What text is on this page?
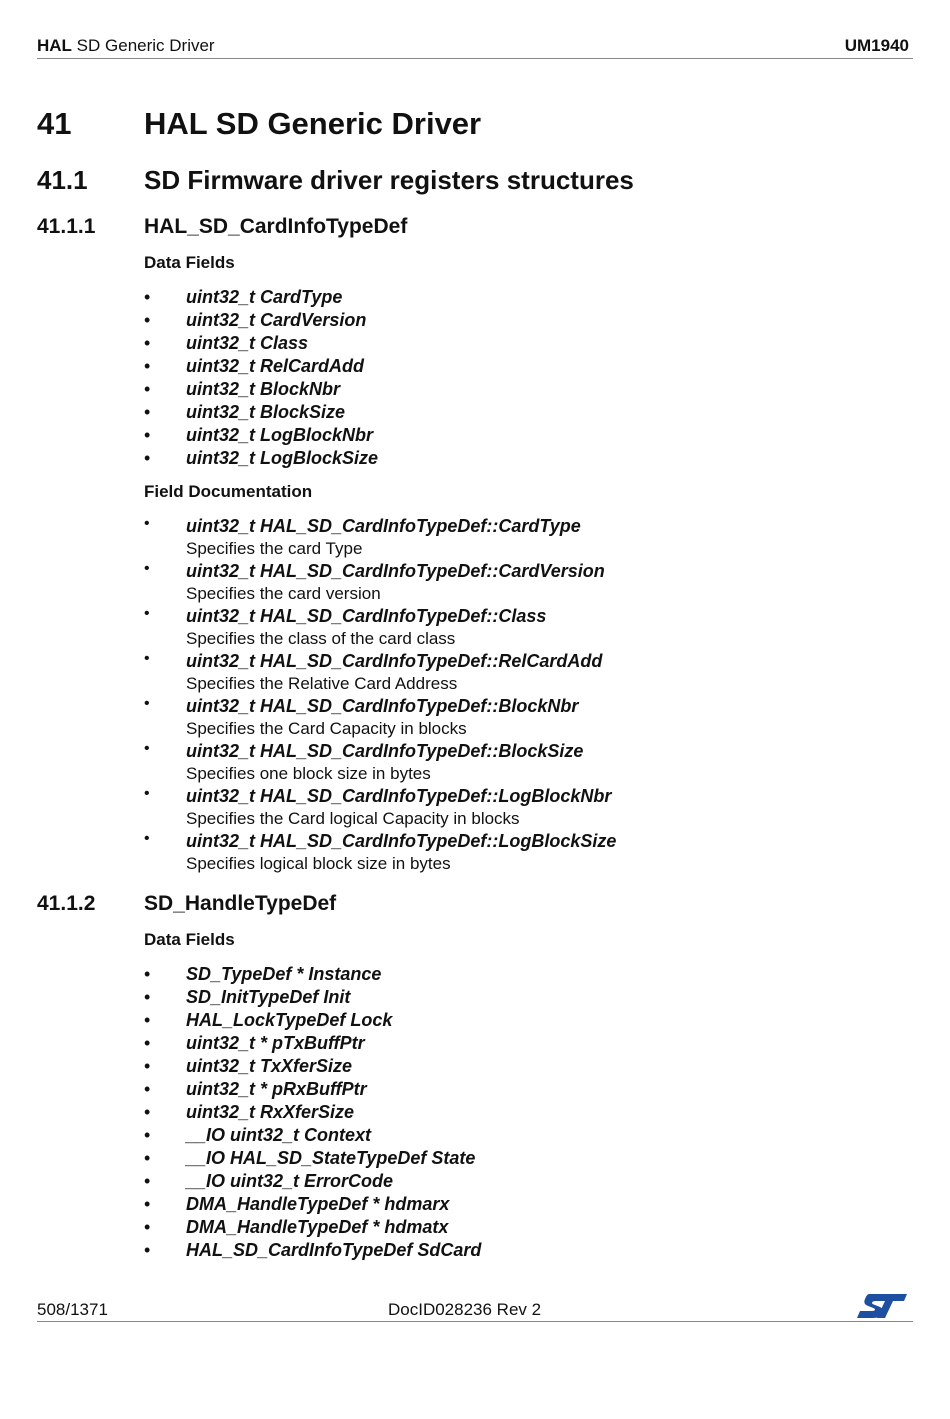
HAL SD Generic Driver	UM1940
41 HAL SD Generic Driver
41.1 SD Firmware driver registers structures
41.1.1 HAL_SD_CardInfoTypeDef
Data Fields
• uint32_t CardType
• uint32_t CardVersion
• uint32_t Class
• uint32_t RelCardAdd
• uint32_t BlockNbr
• uint32_t BlockSize
• uint32_t LogBlockNbr
• uint32_t LogBlockSize
Field Documentation
• uint32_t HAL_SD_CardInfoTypeDef::CardType
Specifies the card Type
• uint32_t HAL_SD_CardInfoTypeDef::CardVersion
Specifies the card version
• uint32_t HAL_SD_CardInfoTypeDef::Class
Specifies the class of the card class
• uint32_t HAL_SD_CardInfoTypeDef::RelCardAdd
Specifies the Relative Card Address
• uint32_t HAL_SD_CardInfoTypeDef::BlockNbr
Specifies the Card Capacity in blocks
• uint32_t HAL_SD_CardInfoTypeDef::BlockSize
Specifies one block size in bytes
• uint32_t HAL_SD_CardInfoTypeDef::LogBlockNbr
Specifies the Card logical Capacity in blocks
• uint32_t HAL_SD_CardInfoTypeDef::LogBlockSize
Specifies logical block size in bytes
41.1.2 SD_HandleTypeDef
Data Fields
• SD_TypeDef * Instance
• SD_InitTypeDef Init
• HAL_LockTypeDef Lock
• uint32_t * pTxBuffPtr
• uint32_t TxXferSize
• uint32_t * pRxBuffPtr
• uint32_t RxXferSize
• __IO uint32_t Context
• __IO HAL_SD_StateTypeDef State
• __IO uint32_t ErrorCode
• DMA_HandleTypeDef * hdmarx
• DMA_HandleTypeDef * hdmatx
• HAL_SD_CardInfoTypeDef SdCard
508/1371	DocID028236 Rev 2
